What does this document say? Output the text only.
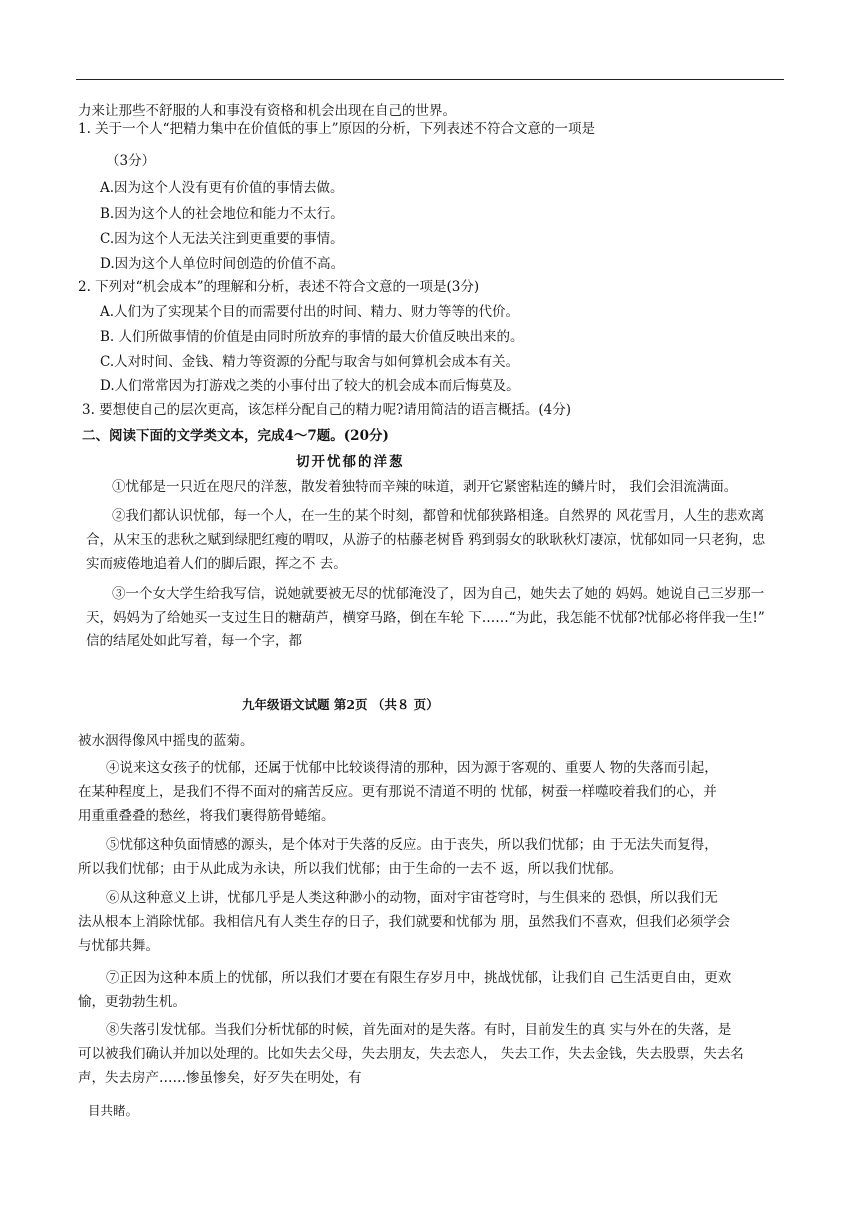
力来让那些不舒服的人和事没有资格和机会出现在自己的世界。
1. 关于一个人“把精力集中在价值低的事上”原因的分析，下列表述不符合文意的一项是
（3分）
A.因为这个人没有更有价值的事情去做。
B.因为这个人的社会地位和能力不太行。
C.因为这个人无法关注到更重要的事情。
D.因为这个人单位时间创造的价值不高。
2. 下列对“机会成本”的理解和分析，表述不符合文意的一项是(3分)
A.人们为了实现某个目的而需要付出的时间、精力、财力等等的代价。
B. 人们所做事情的价值是由同时所放弃的事情的最大价值反映出来的。
C.人对时间、金钱、精力等资源的分配与取舍与如何算机会成本有关。
D.人们常常因为打游戏之类的小事付出了较大的机会成本而后悔莫及。
3. 要想使自己的层次更高，该怎样分配自己的精力呢?请用简洁的语言概括。(4分)
二、阅读下面的文学类文本，完成4～7题。(20分)
切开忧郁的洋葱
①忧郁是一只近在咫尺的洋葱，散发着独特而辛辣的味道，剥开它紧密粘连的鳞片时， 我们会泪流满面。
②我们都认识忧郁，每一个人，在一生的某个时刻，都曾和忧郁狭路相逢。自然界的 风花雪月，人生的悲欢离
合，从宋玉的悲秋之赋到绿肥红瘦的喟叹，从游子的枯藤老树昏 鸦到弱女的耿耿秋灯凄凉，忧郁如同一只老狗，忠
实而疲倦地追着人们的脚后跟，挥之不 去。
③一个女大学生给我写信，说她就要被无尽的忧郁淹没了，因为自己，她失去了她的 妈妈。她说自己三岁那一
天，妈妈为了给她买一支过生日的糖葫芦，横穿马路，倒在车轮 下……“为此，我怎能不忧郁?忧郁必将伴我一生!”
信的结尾处如此写着，每一个字，都
九年级语文试题 第2页 （共８ 页）
被水洇得像风中摇曳的蓝菊。
④说来这女孩子的忧郁，还属于忧郁中比较谈得清的那种，因为源于客观的、重要人 物的失落而引起，
在某种程度上，是我们不得不面对的痛苦反应。更有那说不清道不明的 忧郁，树蚕一样噬咬着我们的心，并
用重重叠叠的愁丝，将我们裹得筋骨蜷缩。
⑤忧郁这种负面情感的源头，是个体对于失落的反应。由于丧失，所以我们忧郁；由 于无法失而复得，
所以我们忧郁；由于从此成为永诀，所以我们忧郁；由于生命的一去不 返，所以我们忧郁。
⑥从这种意义上讲，忧郁几乎是人类这种渺小的动物，面对宇宙苍穹时，与生俱来的 恐惧，所以我们无
法从根本上消除忧郁。我相信凡有人类生存的日子，我们就要和忧郁为 朋，虽然我们不喜欢，但我们必须学会
与忧郁共舞。
⑦正因为这种本质上的忧郁，所以我们才要在有限生存岁月中，挑战忧郁，让我们自 己生活更自由，更欢
愉，更勃勃生机。
⑧失落引发忧郁。当我们分析忧郁的时候，首先面对的是失落。有时，目前发生的真 实与外在的失落，是
可以被我们确认并加以处理的。比如失去父母，失去朋友，失去恋人， 失去工作，失去金钱，失去股票，失去名
声，失去房产……惨虽惨矣，好歹失在明处，有
目共睹。
